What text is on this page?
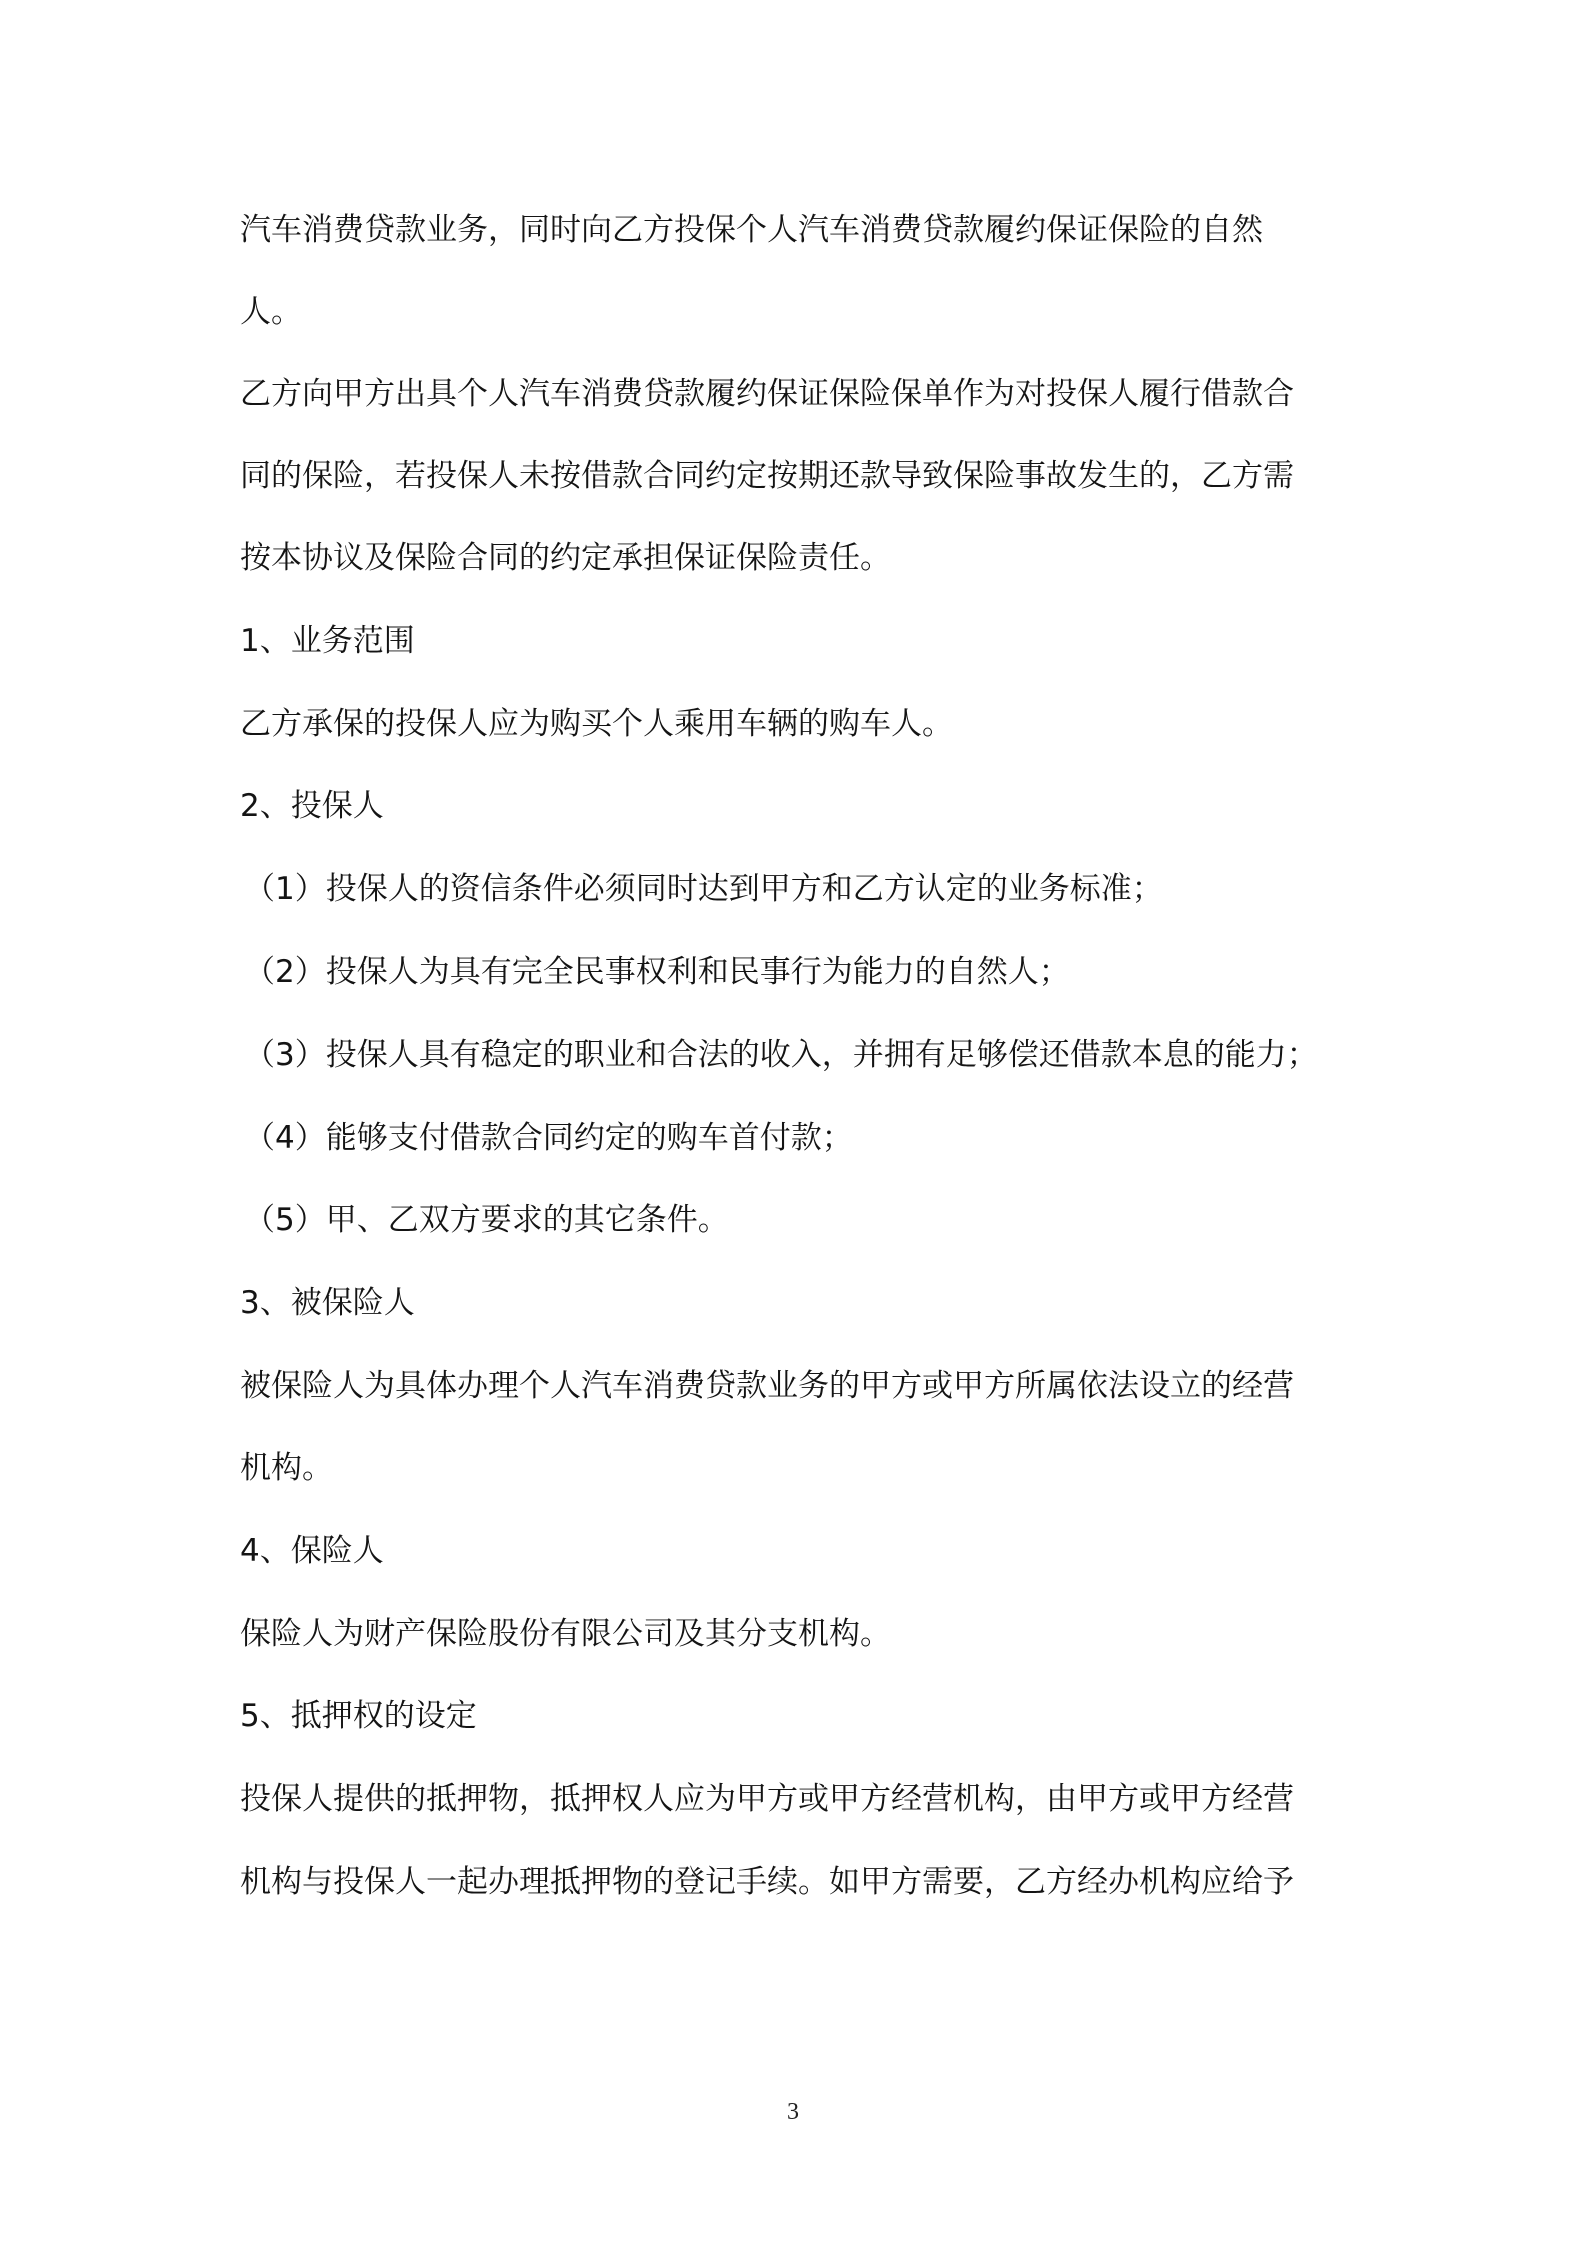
汽车消费贷款业务，同时向乙方投保个人汽车消费贷款履约保证保险的自然

人。

乙方向甲方出具个人汽车消费贷款履约保证保险保单作为对投保人履行借款合

同的保险，若投保人未按借款合同约定按期还款导致保险事故发生的，乙方需

按本协议及保险合同的约定承担保证保险责任。

1、业务范围

乙方承保的投保人应为购买个人乘用车辆的购车人。

2、投保人

（1）投保人的资信条件必须同时达到甲方和乙方认定的业务标准；

（2）投保人为具有完全民事权利和民事行为能力的自然人；

（3）投保人具有稳定的职业和合法的收入，并拥有足够偿还借款本息的能力；

（4）能够支付借款合同约定的购车首付款；

（5）甲、乙双方要求的其它条件。

3、被保险人

被保险人为具体办理个人汽车消费贷款业务的甲方或甲方所属依法设立的经营

机构。

4、保险人

保险人为财产保险股份有限公司及其分支机构。

5、抵押权的设定

投保人提供的抵押物，抵押权人应为甲方或甲方经营机构，由甲方或甲方经营

机构与投保人一起办理抵押物的登记手续。如甲方需要，乙方经办机构应给予

3
